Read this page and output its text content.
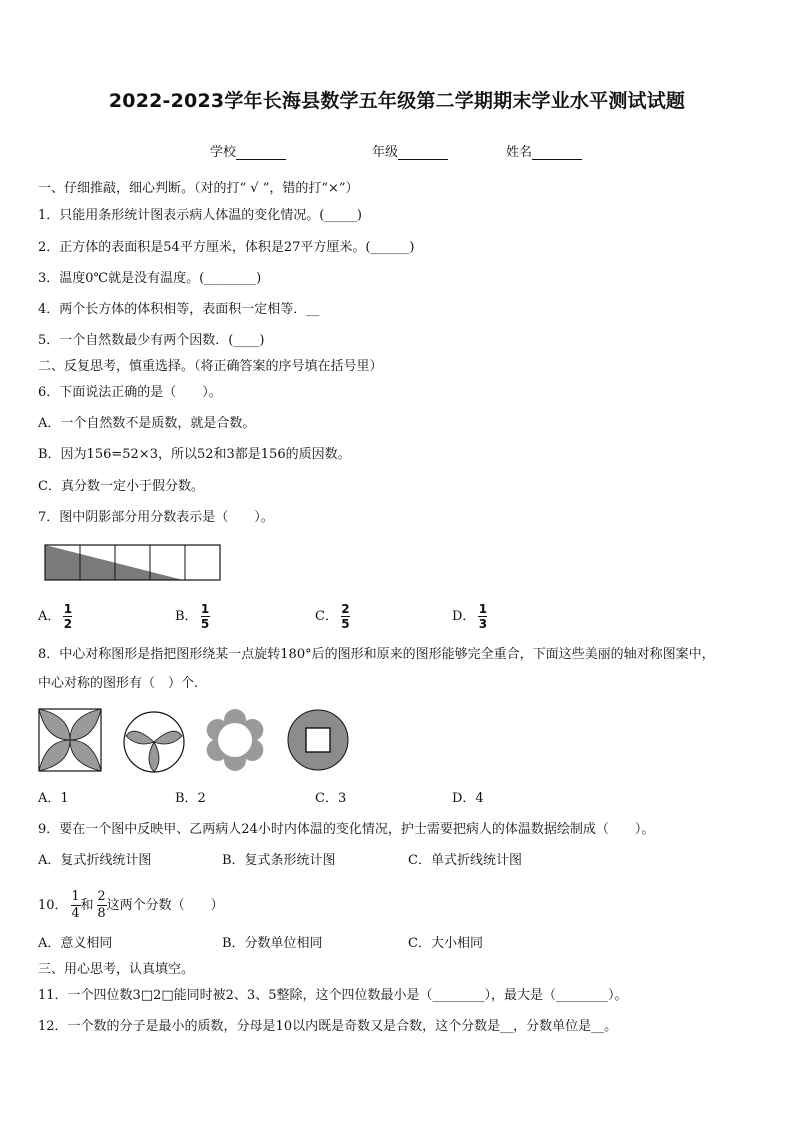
2022-2023学年长海县数学五年级第二学期期末学业水平测试试题
学校	年级	姓名
一、仔细推敲，细心判断。（对的打“ √ ”，错的打“×”）
1．只能用条形统计图表示病人体温的变化情况。(_____)
2．正方体的表面积是54平方厘米，体积是27平方厘米。(______)
3．温度0℃就是没有温度。(________)
4．两个长方体的体积相等，表面积一定相等．__
5．一个自然数最少有两个因数．(____)
二、反复思考，慎重选择。（将正确答案的序号填在括号里）
6．下面说法正确的是（　　）。
A．一个自然数不是质数，就是合数。
B．因为156=52×3，所以52和3都是156的质因数。
C．真分数一定小于假分数。
7．图中阴影部分用分数表示是（　　）。
A． $\frac{1}{2}$	B． $\frac{1}{5}$	C． $\frac{2}{5}$	D． $\frac{1}{3}$
8．中心对称图形是指把图形绕某一点旋转180°后的图形和原来的图形能够完全重合，下面这些美丽的轴对称图案中，
中心对称的图形有（　）个.
A．1	B．2	C．3	D．4
9．要在一个图中反映甲、乙两病人24小时内体温的变化情况，护士需要把病人的体温数据绘制成（　　）。
A．复式折线统计图	B．复式条形统计图	C．单式折线统计图
10． $\frac{1}{4}$ 和 $\frac{2}{8}$ 这两个分数（　　）
A．意义相同	B．分数单位相同	C．大小相同
三、用心思考，认真填空。
11．一个四位数3□2□能同时被2、3、5整除，这个四位数最小是（________），最大是（________）。
12．一个数的分子是最小的质数，分母是10以内既是奇数又是合数，这个分数是__，分数单位是__。
